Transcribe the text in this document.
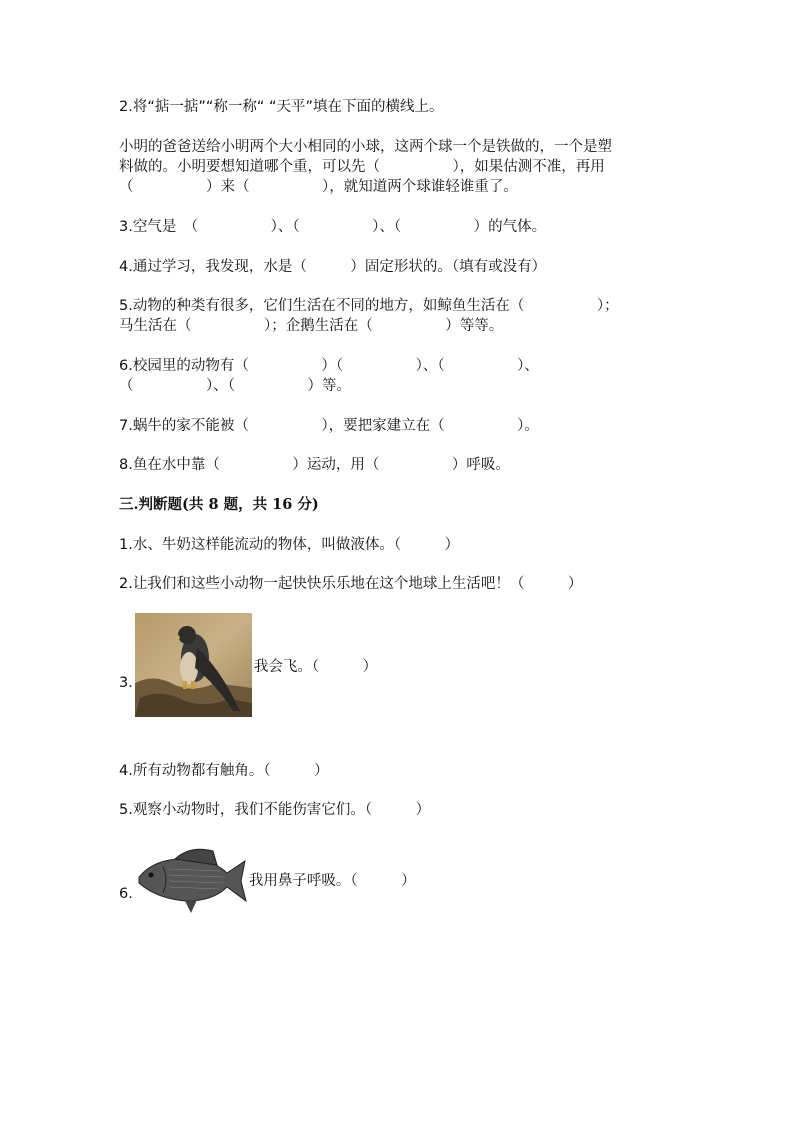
2.将“掂一掂”“称一称“ “天平”填在下面的横线上。
小明的爸爸送给小明两个大小相同的小球，这两个球一个是铁做的，一个是塑
料做的。小明要想知道哪个重，可以先（　　　　　），如果估测不准，再用
（　　　　　）来（　　　　　），就知道两个球谁轻谁重了。
3.空气是　（　　　　　）、（　　　　　）、（　　　　　）的气体。
4.通过学习，我发现，水是（　　　）固定形状的。（填有或没有）
5.动物的种类有很多，它们生活在不同的地方，如鲸鱼生活在（　　　　　）；
马生活在（　　　　　）；企鹅生活在（　　　　　）等等。
6.校园里的动物有（　　　　　）（　　　　　）、（　　　　　）、
（　　　　　）、（　　　　　）等。
7.蜗牛的家不能被（　　　　　），要把家建立在（　　　　　）。
8.鱼在水中靠（　　　　　）运动，用（　　　　　）呼吸。
三.判断题(共 8 题，共 16 分)
1.水、牛奶这样能流动的物体，叫做液体。（　　　）
2.让我们和这些小动物一起快快乐乐地在这个地球上生活吧！（　　　）
3.
我会飞。（　　　）
4.所有动物都有触角。（　　　）
5.观察小动物时，我们不能伤害它们。（　　　）
6.
我用鼻子呼吸。（　　　）
